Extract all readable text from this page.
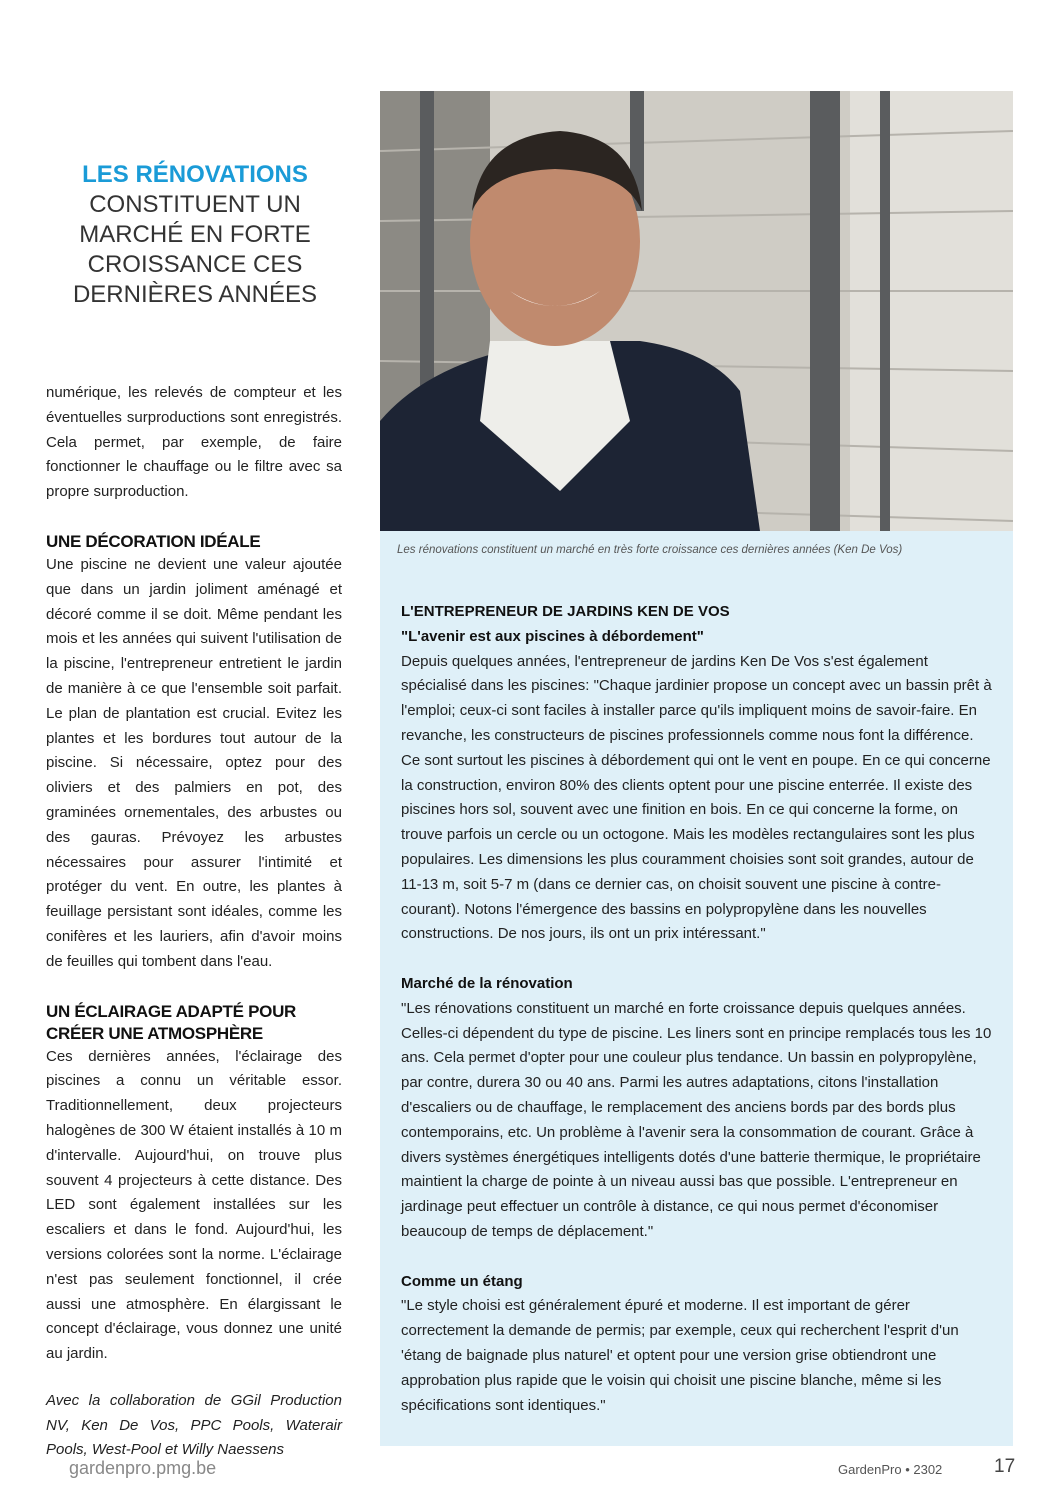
LES RÉNOVATIONS
CONSTITUENT UN MARCHÉ EN FORTE CROISSANCE CES DERNIÈRES ANNÉES

numérique, les relevés de compteur et les éventuelles surproductions sont enregistrés. Cela permet, par exemple, de faire fonctionner le chauffage ou le filtre avec sa propre surproduction.

UNE DÉCORATION IDÉALE

Une piscine ne devient une valeur ajoutée que dans un jardin joliment aménagé et décoré comme il se doit. Même pendant les mois et les années qui suivent l'utilisation de la piscine, l'entrepreneur entretient le jardin de manière à ce que l'ensemble soit parfait. Le plan de plantation est crucial. Evitez les plantes et les bordures tout autour de la piscine. Si nécessaire, optez pour des oliviers et des palmiers en pot, des graminées ornementales, des arbustes ou des gauras. Prévoyez les arbustes nécessaires pour assurer l'intimité et protéger du vent. En outre, les plantes à feuillage persistant sont idéales, comme les conifères et les lauriers, afin d'avoir moins de feuilles qui tombent dans l'eau.

UN ÉCLAIRAGE ADAPTÉ POUR CRÉER UNE ATMOSPHÈRE

Ces dernières années, l'éclairage des piscines a connu un véritable essor. Traditionnellement, deux projecteurs halogènes de 300 W étaient installés à 10 m d'intervalle. Aujourd'hui, on trouve plus souvent 4 projecteurs à cette distance. Des LED sont également installées sur les escaliers et dans le fond. Aujourd'hui, les versions colorées sont la norme. L'éclairage n'est pas seulement fonctionnel, il crée aussi une atmosphère. En élargissant le concept d'éclairage, vous donnez une unité au jardin.

Avec la collaboration de GGil Production NV, Ken De Vos, PPC Pools, Waterair Pools, West-Pool et Willy Naessens

Les rénovations constituent un marché en très forte croissance ces dernières années (Ken De Vos)
L'ENTREPRENEUR DE JARDINS KEN DE VOS
"L'avenir est aux piscines à débordement"

Depuis quelques années, l'entrepreneur de jardins Ken De Vos s'est également spécialisé dans les piscines: "Chaque jardinier propose un concept avec un bassin prêt à l'emploi; ceux-ci sont faciles à installer parce qu'ils impliquent moins de savoir-faire. En revanche, les constructeurs de piscines professionnels comme nous font la différence. Ce sont surtout les piscines à débordement qui ont le vent en poupe. En ce qui concerne la construction, environ 80% des clients optent pour une piscine enterrée. Il existe des piscines hors sol, souvent avec une finition en bois. En ce qui concerne la forme, on trouve parfois un cercle ou un octogone. Mais les modèles rectangulaires sont les plus populaires. Les dimensions les plus couramment choisies sont soit grandes, autour de 11-13 m, soit 5-7 m (dans ce dernier cas, on choisit souvent une piscine à contre-courant). Notons l'émergence des bassins en polypropylène dans les nouvelles constructions. De nos jours, ils ont un prix intéressant."

Marché de la rénovation

"Les rénovations constituent un marché en forte croissance depuis quelques années. Celles-ci dépendent du type de piscine. Les liners sont en principe remplacés tous les 10 ans. Cela permet d'opter pour une couleur plus tendance. Un bassin en polypropylène, par contre, durera 30 ou 40 ans. Parmi les autres adaptations, citons l'installation d'escaliers ou de chauffage, le remplacement des anciens bords par des bords plus contemporains, etc. Un problème à l'avenir sera la consommation de courant. Grâce à divers systèmes énergétiques intelligents dotés d'une batterie thermique, le propriétaire maintient la charge de pointe à un niveau aussi bas que possible. L'entrepreneur en jardinage peut effectuer un contrôle à distance, ce qui nous permet d'économiser beaucoup de temps de déplacement."

Comme un étang

"Le style choisi est généralement épuré et moderne. Il est important de gérer correctement la demande de permis; par exemple, ceux qui recherchent l'esprit d'un 'étang de baignade plus naturel' et optent pour une version grise obtiendront une approbation plus rapide que le voisin qui choisit une piscine blanche, même si les spécifications sont identiques."

gardenpro.pmg.be	GardenPro • 2302	17
